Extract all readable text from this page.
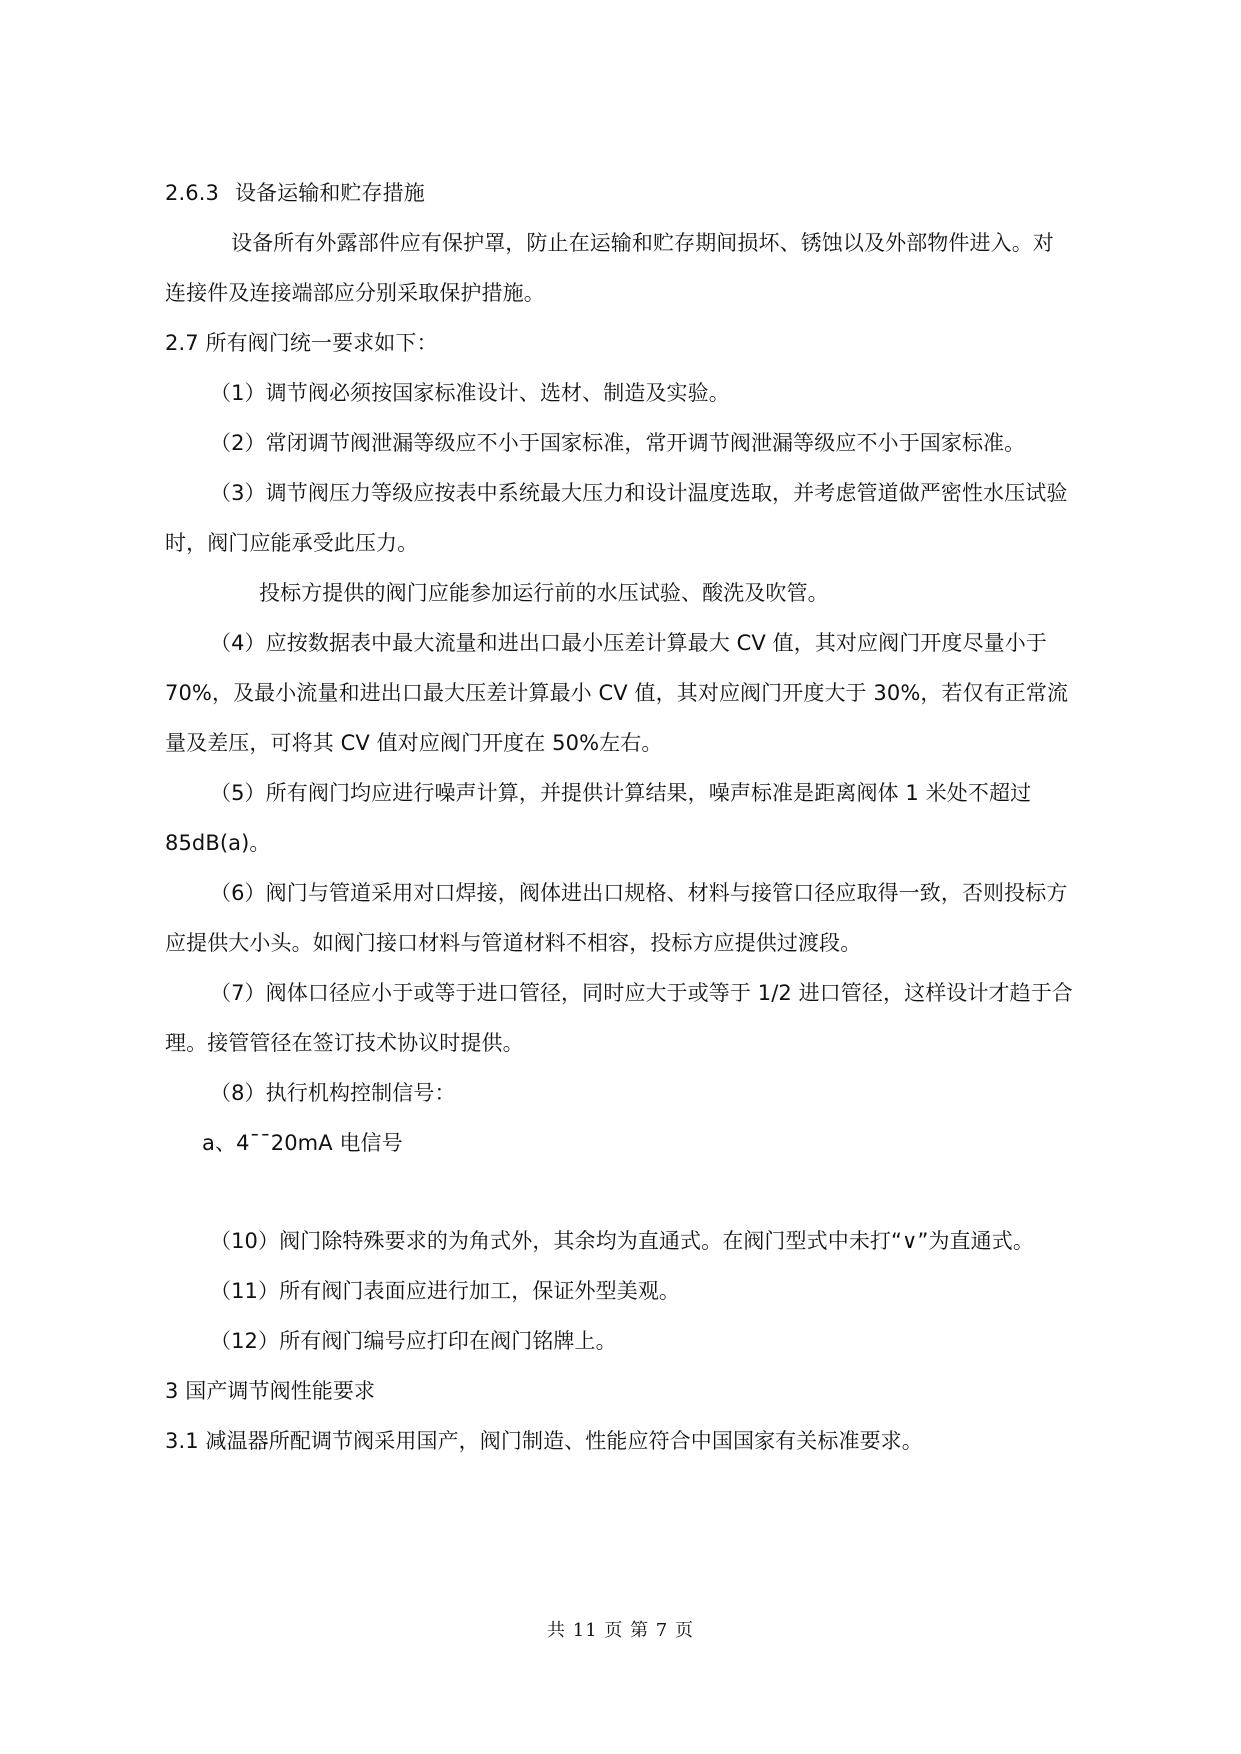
2.6.3 设备运输和贮存措施
设备所有外露部件应有保护罩，防止在运输和贮存期间损坏、锈蚀以及外部物件进入。对
连接件及连接端部应分别采取保护措施。
2.7 所有阀门统一要求如下：
（1）调节阀必须按国家标准设计、选材、制造及实验。
（2）常闭调节阀泄漏等级应不小于国家标准，常开调节阀泄漏等级应不小于国家标准。
（3）调节阀压力等级应按表中系统最大压力和设计温度选取，并考虑管道做严密性水压试验
时，阀门应能承受此压力。
投标方提供的阀门应能参加运行前的水压试验、酸洗及吹管。
（4）应按数据表中最大流量和进出口最小压差计算最大 CV 值，其对应阀门开度尽量小于
70%，及最小流量和进出口最大压差计算最小 CV 值，其对应阀门开度大于 30%，若仅有正常流
量及差压，可将其 CV 值对应阀门开度在 50%左右。
（5）所有阀门均应进行噪声计算，并提供计算结果，噪声标准是距离阀体 1 米处不超过
85dB(a)。
（6）阀门与管道采用对口焊接，阀体进出口规格、材料与接管口径应取得一致，否则投标方
应提供大小头。如阀门接口材料与管道材料不相容，投标方应提供过渡段。
（7）阀体口径应小于或等于进口管径，同时应大于或等于 1/2 进口管径，这样设计才趋于合
理。接管管径在签订技术协议时提供。
（8）执行机构控制信号：
a、4¯¯20mA 电信号
（10）阀门除特殊要求的为角式外，其余均为直通式。在阀门型式中未打“∨”为直通式。
（11）所有阀门表面应进行加工，保证外型美观。
（12）所有阀门编号应打印在阀门铭牌上。
3 国产调节阀性能要求
3.1 减温器所配调节阀采用国产，阀门制造、性能应符合中国国家有关标准要求。
共 11 页 第 7 页
